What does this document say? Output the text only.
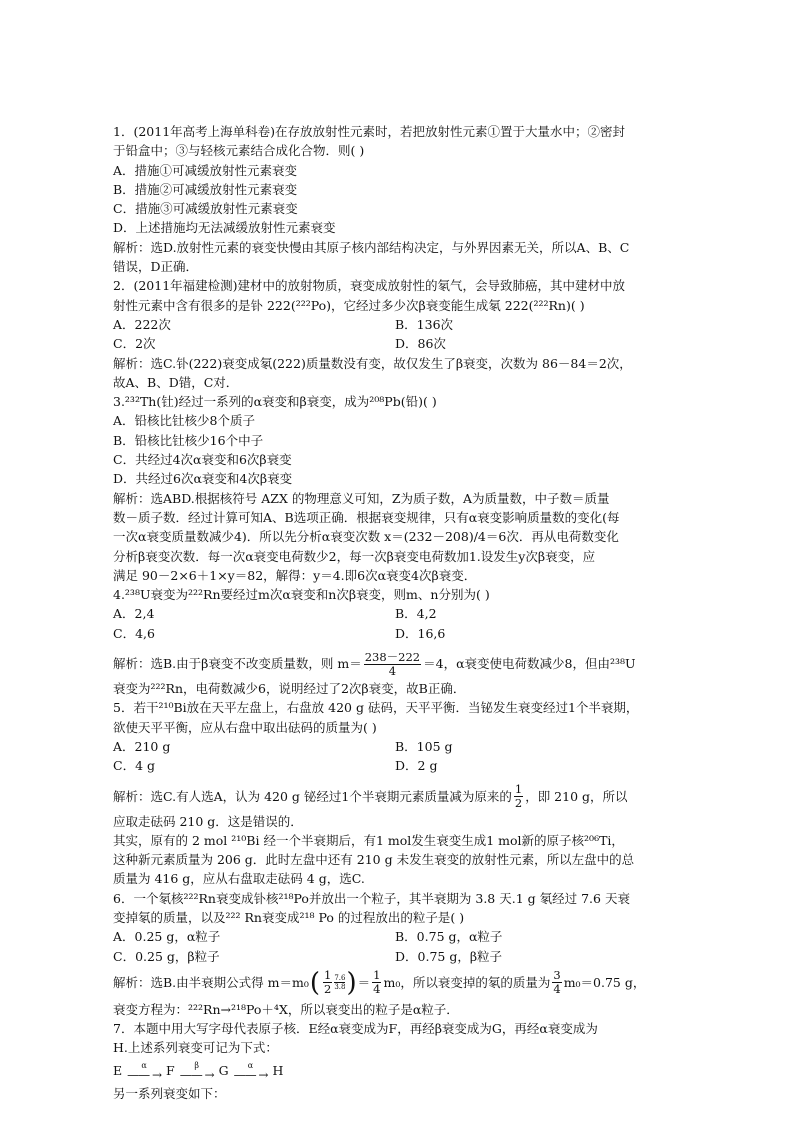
1．(2011年高考上海单科卷)在存放放射性元素时，若把放射性元素①置于大量水中；②密封
于铅盒中；③与轻核元素结合成化合物．则( )
A．措施①可减缓放射性元素衰变
B．措施②可减缓放射性元素衰变
C．措施③可减缓放射性元素衰变
D．上述措施均无法减缓放射性元素衰变
解析：选D.放射性元素的衰变快慢由其原子核内部结构决定，与外界因素无关，所以A、B、C
错误，D正确．
2．(2011年福建检测)建材中的放射物质，衰变成放射性的氡气，会导致肺癌，其中建材中放
射性元素中含有很多的是钋 222(²²²Po)，它经过多少次β衰变能生成氡 222(²²²Rn)( )
A．222次	B．136次
C．2次	D．86次
解析：选C.钋(222)衰变成氡(222)质量数没有变，故仅发生了β衰变，次数为 86－84＝2次，
故A、B、D错，C对．
3.²³²Th(钍)经过一系列的α衰变和β衰变，成为²⁰⁸Pb(铅)( )
A．铅核比钍核少8个质子
B．铅核比钍核少16个中子
C．共经过4次α衰变和6次β衰变
D．共经过6次α衰变和4次β衰变
解析：选ABD.根据核符号 AZX 的物理意义可知，Z为质子数，A为质量数，中子数＝质量
数－质子数．经过计算可知A、B选项正确．根据衰变规律，只有α衰变影响质量数的变化(每
一次α衰变质量数减少4)．所以先分析α衰变次数 x＝(232－208)/4＝6次．再从电荷数变化
分析β衰变次数．每一次α衰变电荷数少2，每一次β衰变电荷数加1.设发生y次β衰变，应
满足 90－2×6＋1×y＝82，解得：y＝4.即6次α衰变4次β衰变．
4.²³⁸U衰变为²²²Rn要经过m次α衰变和n次β衰变，则m、n分别为( )
A．2,4	B．4,2
C．4,6	D．16,6
解析：选B.由于β衰变不改变质量数，则 $m= \frac{238-222}{4} =4$，α衰变使电荷数减少8，但由²³⁸U
衰变为²²²Rn，电荷数减少6，说明经过了2次β衰变，故B正确．
5．若干²¹⁰Bi放在天平左盘上，右盘放 420 g 砝码，天平平衡．当铋发生衰变经过1个半衰期，
欲使天平平衡，应从右盘中取出砝码的质量为( )
A．210 g	B．105 g
C．4 g	D．2 g
解析：选C.有人选A，认为 420 g 铋经过1个半衰期元素质量减为原来的 $\frac{1}{2}$ ，即 210 g，所以
应取走砝码 210 g．这是错误的．
其实，原有的 2 mol ²¹⁰Bi 经一个半衰期后，有1 mol发生衰变生成1 mol新的原子核²⁰⁶Ti，
这种新元素质量为 206 g．此时左盘中还有 210 g 未发生衰变的放射性元素，所以左盘中的总
质量为 416 g，应从右盘取走砝码 4 g，选C.
6．一个氡核²²²Rn衰变成钋核²¹⁸Po并放出一个粒子，其半衰期为 3.8 天.1 g 氡经过 7.6 天衰
变掉氡的质量，以及²²² Rn衰变成²¹⁸ Po 的过程放出的粒子是( )
A．0.25 g，α粒子	B．0.75 g，α粒子
C．0.25 g，β粒子	D．0.75 g，β粒子
解析：选B.由半衰期公式得 m＝m₀ ( $\frac{1}{2} \frac{7.6}{3.8}$ ) ＝ $\frac{1}{4} m_0$，所以衰变掉的氡的质量为 $\frac{3}{4} m_0=0.75$ g，
衰变方程为：²²²Rn→²¹⁸Po＋⁴X，所以衰变出的粒子是α粒子．
7．本题中用大写字母代表原子核．E经α衰变成为F，再经β衰变成为G，再经α衰变成为
H.上述系列衰变可记为下式：
E α
—— → F β
—— → G α
—— → H
另一系列衰变如下：
